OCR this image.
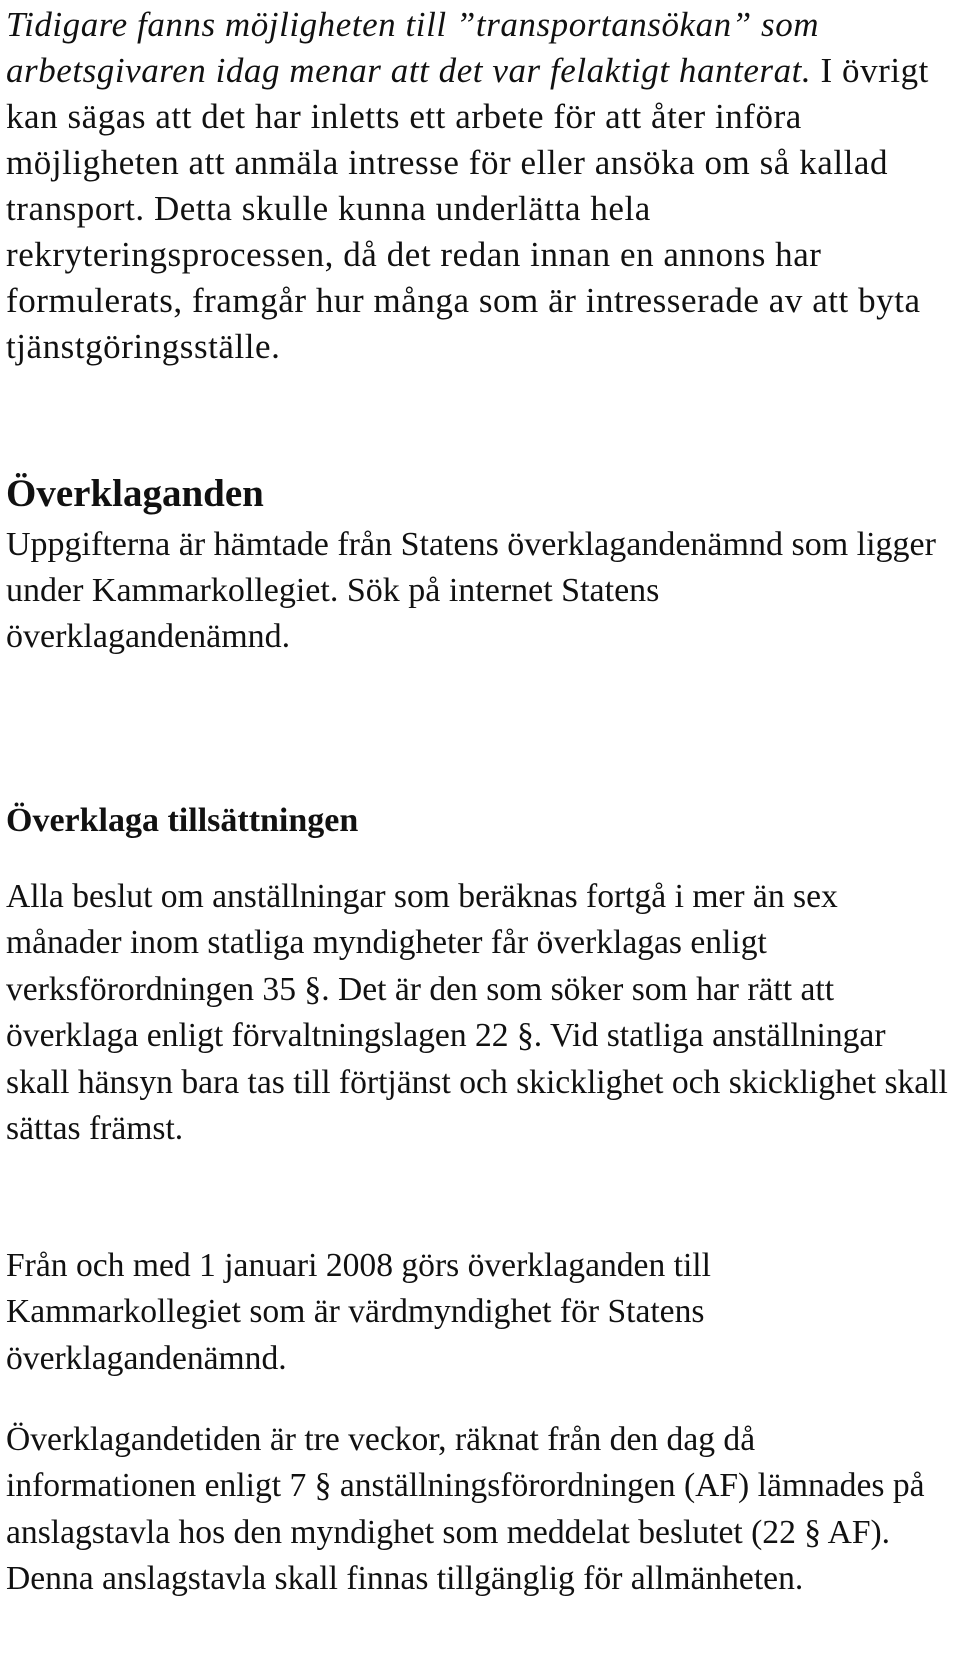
Tidigare fanns möjligheten till ”transportansökan” som arbetsgivaren idag menar att det var felaktigt hanterat. I övrigt kan sägas att det har inletts ett arbete för att åter införa möjligheten att anmäla intresse för eller ansöka om så kallad transport. Detta skulle kunna underlätta hela rekryteringsprocessen, då det redan innan en annons har formulerats, framgår hur många som är intresserade av att byta tjänstgöringsställe.

Överklaganden

Uppgifterna är hämtade från Statens överklagandenämnd som ligger under Kammarkollegiet. Sök på internet Statens överklagandenämnd.

Överklaga tillsättningen

Alla beslut om anställningar som beräknas fortgå i mer än sex månader inom statliga myndigheter får överklagas enligt verksförordningen 35 §. Det är den som söker som har rätt att överklaga enligt förvaltningslagen 22 §. Vid statliga anställningar skall hänsyn bara tas till förtjänst och skicklighet och skicklighet skall sättas främst.

Från och med 1 januari 2008 görs överklaganden till Kammarkollegiet som är värdmyndighet för Statens överklagandenämnd.

Överklagandetiden är tre veckor, räknat från den dag då informationen enligt 7 § anställningsförordningen (AF) lämnades på anslagstavla hos den myndighet som meddelat beslutet (22 § AF). Denna anslagstavla skall finnas tillgänglig för allmänheten.
